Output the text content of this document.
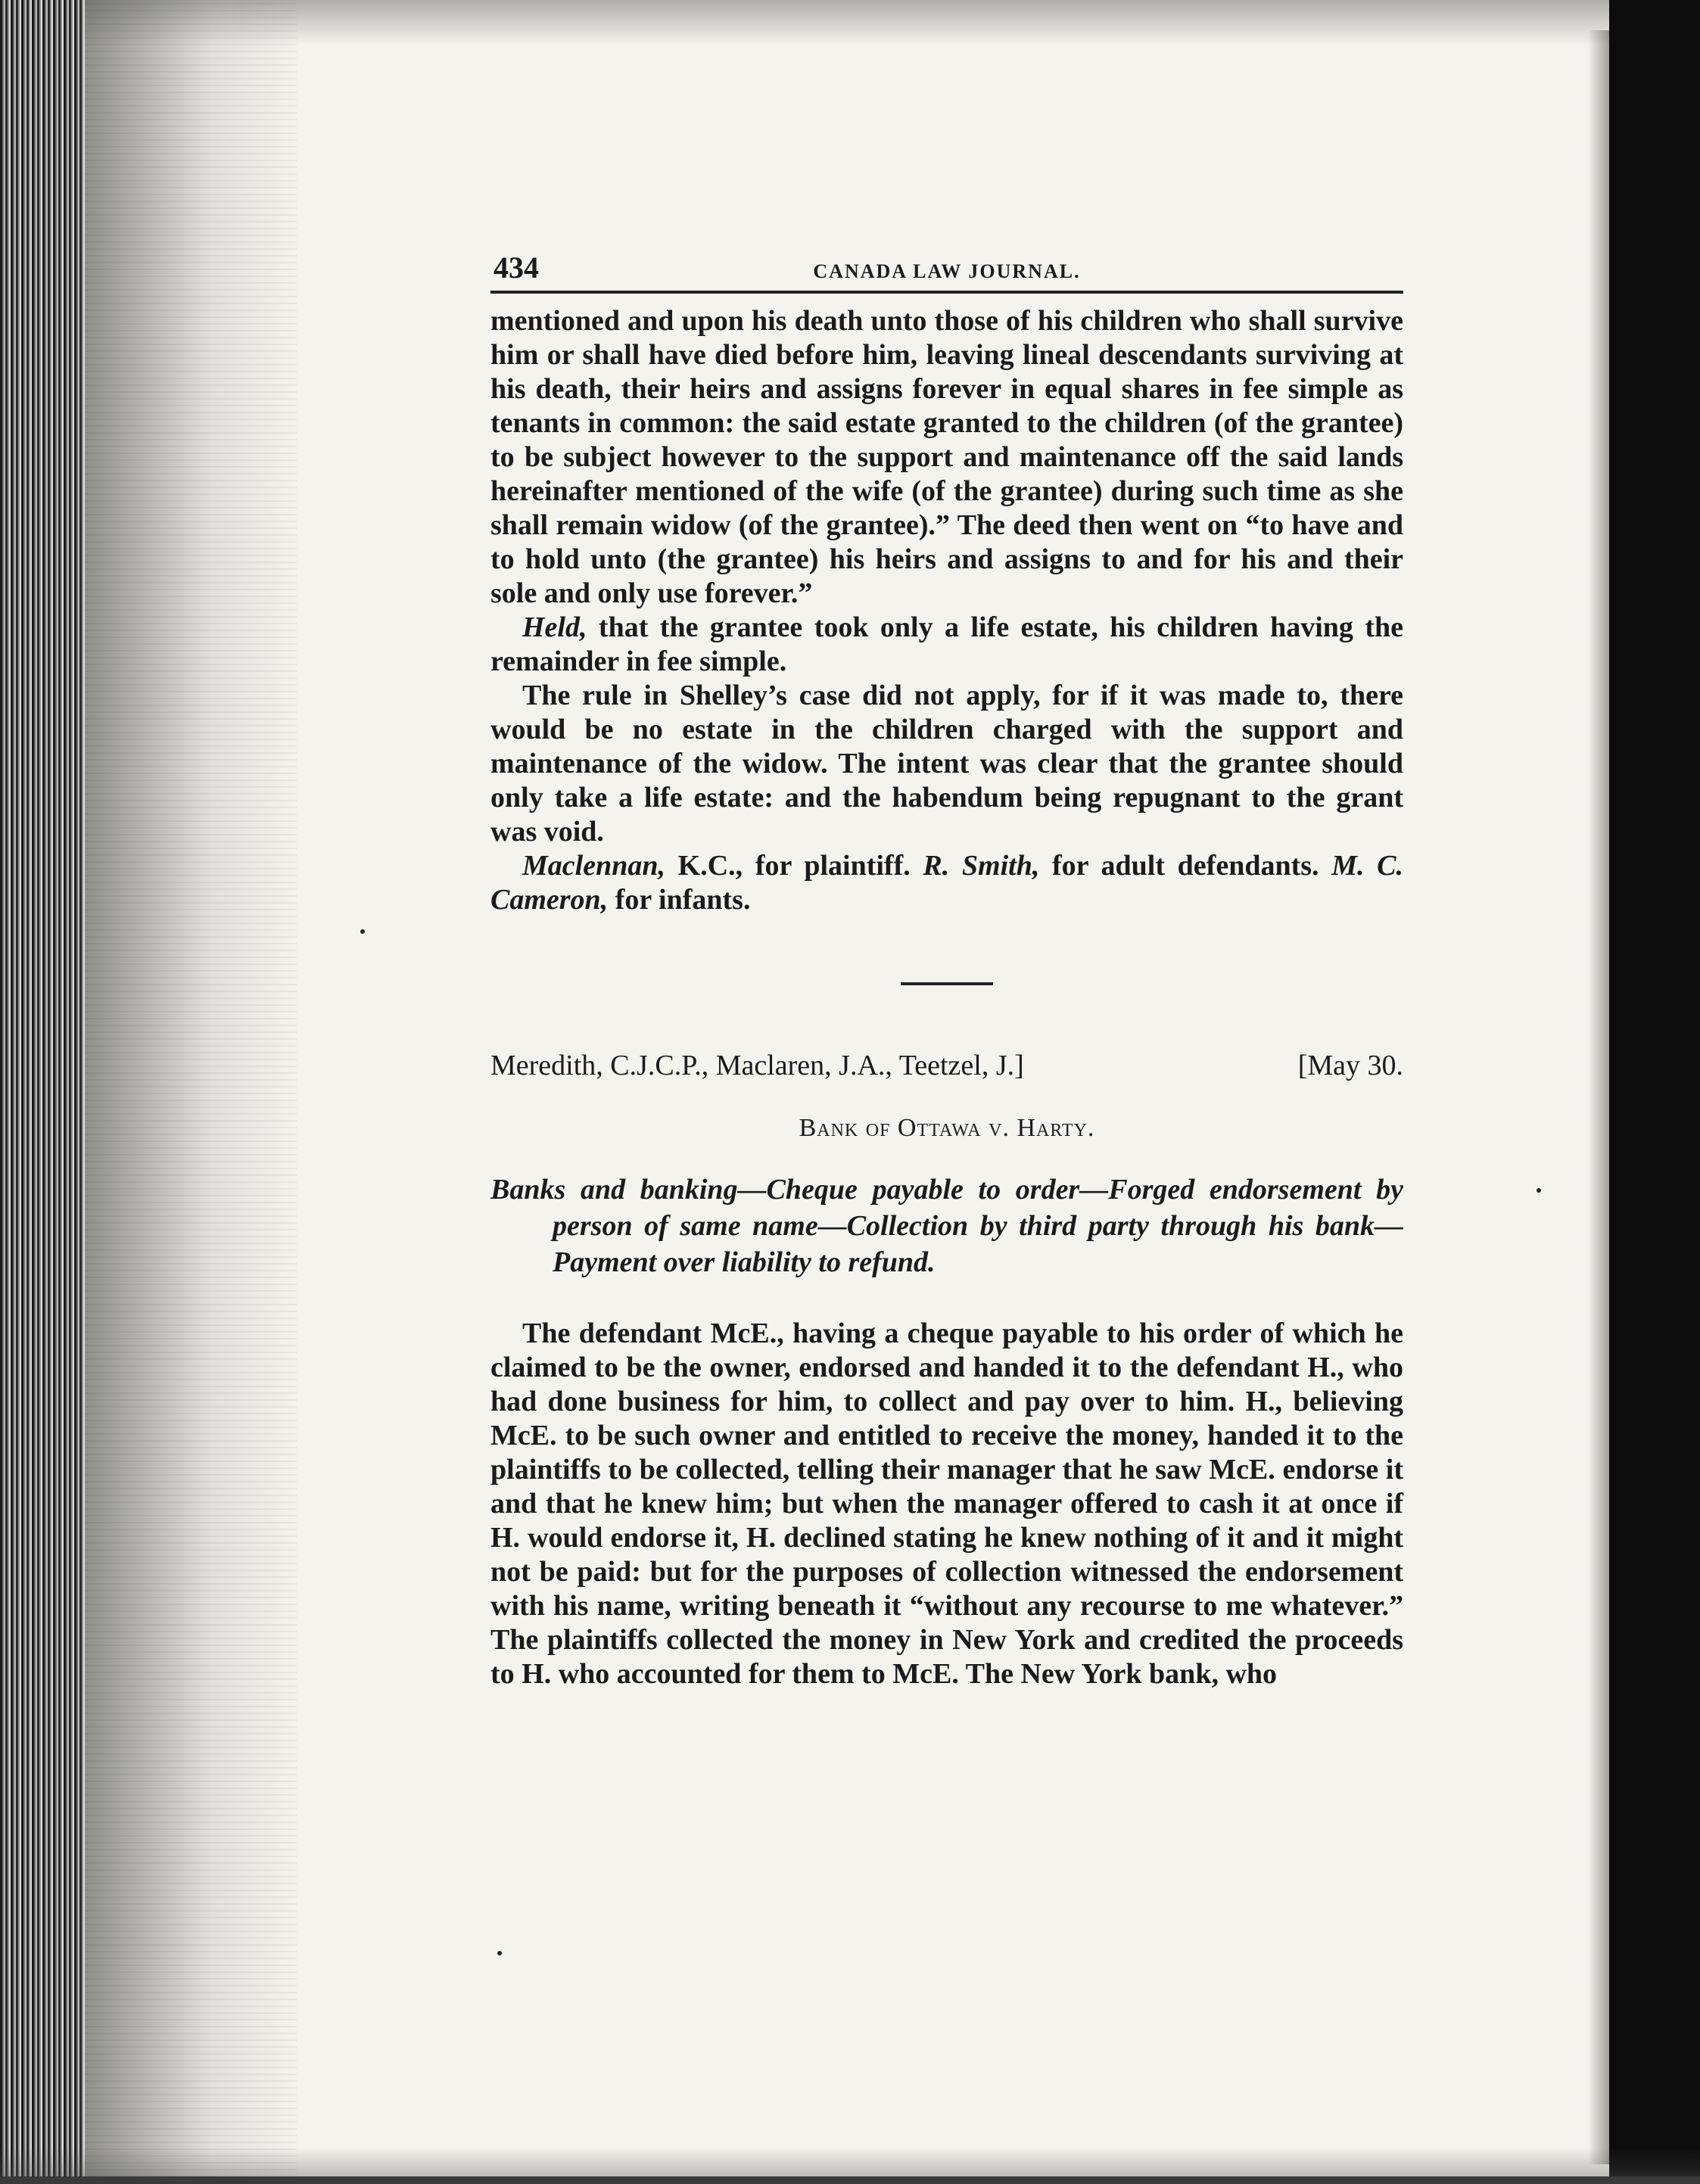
434	CANADA LAW JOURNAL.

mentioned and upon his death unto those of his children who shall survive him or shall have died before him, leaving lineal descendants surviving at his death, their heirs and assigns forever in equal shares in fee simple as tenants in common: the said estate granted to the children (of the grantee) to be subject however to the support and maintenance off the said lands hereinafter mentioned of the wife (of the grantee) during such time as she shall remain widow (of the grantee).” The deed then went on “to have and to hold unto (the grantee) his heirs and assigns to and for his and their sole and only use forever.”

Held, that the grantee took only a life estate, his children having the remainder in fee simple.

The rule in Shelley’s case did not apply, for if it was made to, there would be no estate in the children charged with the support and maintenance of the widow. The intent was clear that the grantee should only take a life estate: and the habendum being repugnant to the grant was void.

Maclennan, K.C., for plaintiff. R. Smith, for adult defendants. M. C. Cameron, for infants.

Meredith, C.J.C.P., Maclaren, J.A., Teetzel, J.]	[May 30.
Bank of Ottawa v. Harty.

Banks and banking—Cheque payable to order—Forged endorsement by person of same name—Collection by third party through his bank—Payment over liability to refund.

The defendant McE., having a cheque payable to his order of which he claimed to be the owner, endorsed and handed it to the defendant H., who had done business for him, to collect and pay over to him. H., believing McE. to be such owner and entitled to receive the money, handed it to the plaintiffs to be collected, telling their manager that he saw McE. endorse it and that he knew him; but when the manager offered to cash it at once if H. would endorse it, H. declined stating he knew nothing of it and it might not be paid: but for the purposes of collection witnessed the endorsement with his name, writing beneath it “without any recourse to me whatever.” The plaintiffs collected the money in New York and credited the proceeds to H. who accounted for them to McE. The New York bank, who
